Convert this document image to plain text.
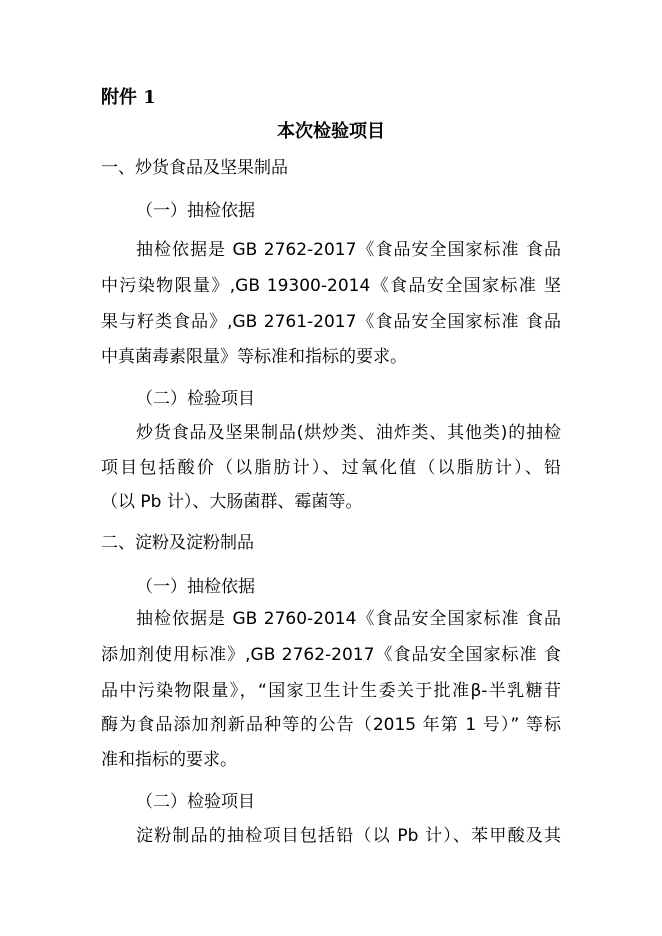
附件 1
本次检验项目
一、炒货食品及坚果制品
（一）抽检依据
抽检依据是 GB 2762-2017《食品安全国家标准 食品
中污染物限量》,GB 19300-2014《食品安全国家标准 坚
果与籽类食品》,GB 2761-2017《食品安全国家标准 食品
中真菌毒素限量》等标准和指标的要求。
（二）检验项目
炒货食品及坚果制品(烘炒类、油炸类、其他类)的抽检
项目包括酸价（以脂肪计）、过氧化值（以脂肪计）、铅
（以 Pb 计）、大肠菌群、霉菌等。
二、淀粉及淀粉制品
（一）抽检依据
抽检依据是 GB 2760-2014《食品安全国家标准 食品
添加剂使用标准》,GB 2762-2017《食品安全国家标准 食
品中污染物限量》，“国家卫生计生委关于批准β-半乳糖苷
酶为食品添加剂新品种等的公告（2015 年第 1 号）” 等标
准和指标的要求。
（二）检验项目
淀粉制品的抽检项目包括铅（以 Pb 计）、苯甲酸及其
